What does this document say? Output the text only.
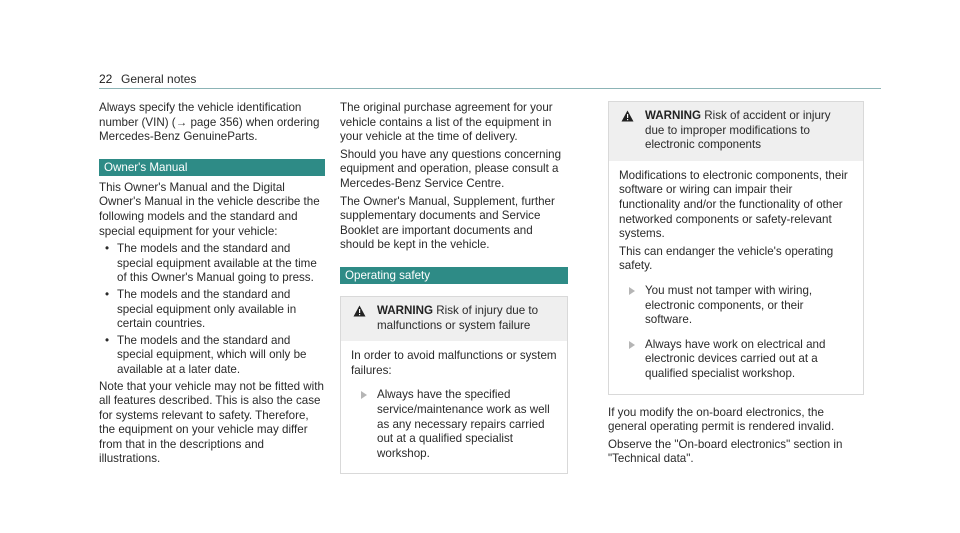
22 General notes

Always specify the vehicle identification number (VIN) (→ page 356) when ordering Mercedes-Benz GenuineParts.

Owner's Manual

This Owner's Manual and the Digital Owner's Manual in the vehicle describe the following models and the standard and special equipment for your vehicle:

• The models and the standard and special equipment available at the time of this Owner's Manual going to press.
• The models and the standard and special equipment only available in certain countries.
• The models and the standard and special equipment, which will only be available at a later date.

Note that your vehicle may not be fitted with all features described. This is also the case for systems relevant to safety. Therefore, the equipment on your vehicle may differ from that in the descriptions and illustrations.

The original purchase agreement for your vehicle contains a list of the equipment in your vehicle at the time of delivery.

Should you have any questions concerning equipment and operation, please consult a Mercedes-Benz Service Centre.

The Owner's Manual, Supplement, further supplementary documents and Service Booklet are important documents and should be kept in the vehicle.

Operating safety
WARNING Risk of injury due to malfunctions or system failure

In order to avoid malfunctions or system failures:

Always have the specified service/maintenance work as well as any necessary repairs carried out at a qualified specialist workshop.
WARNING Risk of accident or injury due to improper modifications to electronic components

Modifications to electronic components, their software or wiring can impair their functionality and/or the functionality of other networked components or safety-relevant systems.

This can endanger the vehicle's operating safety.

You must not tamper with wiring, electronic components, or their software.
Always have work on electrical and electronic devices carried out at a qualified specialist workshop.

If you modify the on-board electronics, the general operating permit is rendered invalid.

Observe the "On-board electronics" section in "Technical data".
